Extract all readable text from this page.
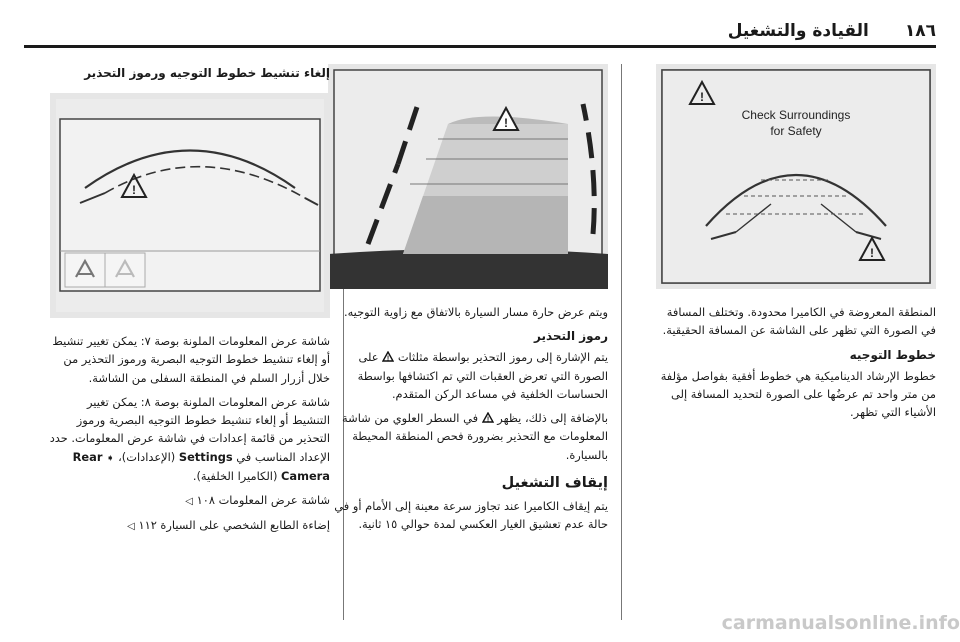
١٨٦
القيادة والتشغيل
!
!
Check Surroundings
for Safety

المنطقة المعروضة في الكاميرا محدودة. وتختلف المسافة في الصورة التي تظهر على الشاشة عن المسافة الحقيقية.

خطوط التوجيه

خطوط الإرشاد الديناميكية هي خطوط أفقية بفواصل مؤلفة من متر واحد تم عرضُها على الصورة لتحديد المسافة إلى الأشياء التي تظهر.

!

ويتم عرض حارة مسار السيارة بالاتفاق مع زاوية التوجيه.

رموز التحذير

يتم الإشارة إلى رموز التحذير بواسطة مثلثات
!
على الصورة التي تعرض العقبات التي تم اكتشافها بواسطة الحساسات الخلفية في مساعد الركن المتقدم.

بالإضافة إلى ذلك، يظهر
!
في السطر العلوي من شاشة المعلومات مع التحذير بضرورة فحص المنطقة المحيطة بالسيارة.

إيقاف التشغيل

يتم إيقاف الكاميرا عند تجاوز سرعة معينة إلى الأمام أو في حالة عدم تعشيق الغيار العكسي لمدة حوالي ١٥ ثانية.

إلغاء تنشيط خطوط التوجيه ورموز التحذير
!

شاشة عرض المعلومات الملونة بوصة ٧: يمكن تغيير تنشيط أو إلغاء تنشيط خطوط التوجيه البصرية ورموز التحذير من خلال أزرار السلم في المنطقة السفلى من الشاشة.

شاشة عرض المعلومات الملونة بوصة ٨: يمكن تغيير التنشيط أو إلغاء تنشيط خطوط التوجيه البصرية ورموز التحذير من قائمة إعدادات في شاشة عرض المعلومات. حدد الإعداد المناسب في Settings (الإعدادات)، ➧ Rear Camera (الكاميرا الخلفية).

شاشة عرض المعلومات ١٠٨ ◁

إضاءة الطابع الشخصي على السيارة ١١٢ ◁

carmanualsonline.info
